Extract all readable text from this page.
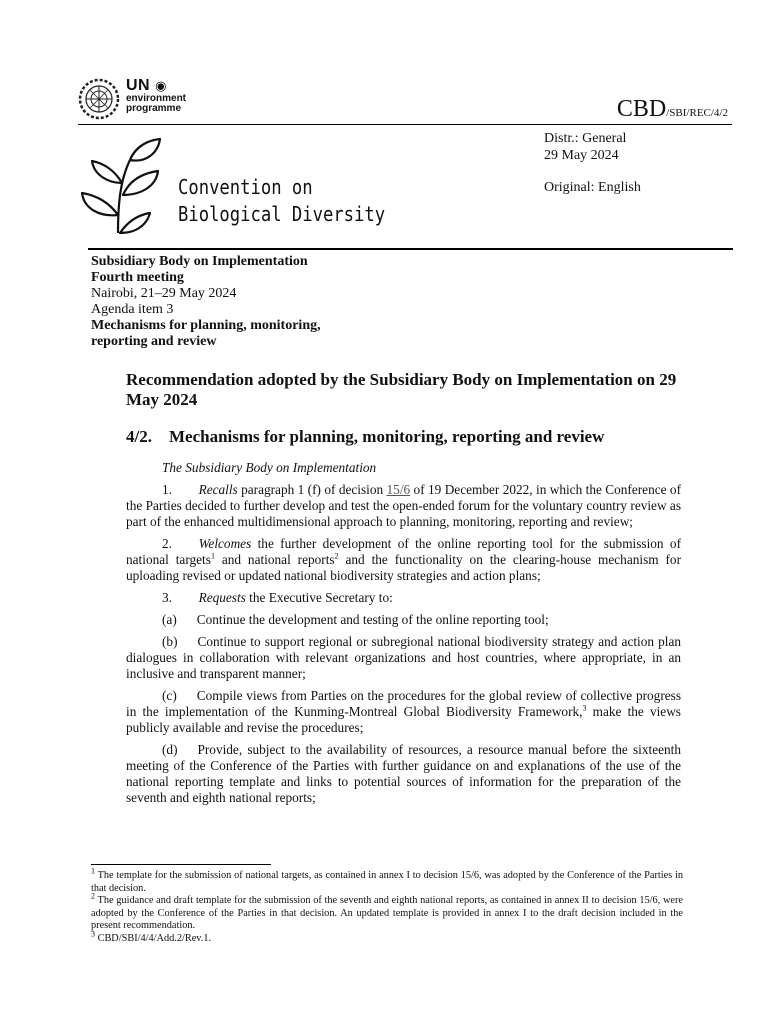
UN ◉
environment
programme	CBD/SBI/REC/4/2
Convention on
Biological Diversity
Distr.: General
29 May 2024
Original: English
Subsidiary Body on Implementation
Fourth meeting
Nairobi, 21–29 May 2024
Agenda item 3
Mechanisms for planning, monitoring,
reporting and review
Recommendation adopted by the Subsidiary Body on Implementation on 29 May 2024
4/2. Mechanisms for planning, monitoring, reporting and review

The Subsidiary Body on Implementation

1.   Recalls paragraph 1 (f) of decision 15/6 of 19 December 2022, in which the Conference of the Parties decided to further develop and test the open-ended forum for the voluntary country review as part of the enhanced multidimensional approach to planning, monitoring, reporting and review;

2.   Welcomes the further development of the online reporting tool for the submission of national targets$^1$ and national reports$^2$ and the functionality on the clearing-house mechanism for uploading revised or updated national biodiversity strategies and action plans;

3.   Requests the Executive Secretary to:

(a)   Continue the development and testing of the online reporting tool;

(b)   Continue to support regional or subregional national biodiversity strategy and action plan dialogues in collaboration with relevant organizations and host countries, where appropriate, in an inclusive and transparent manner;

(c)   Compile views from Parties on the procedures for the global review of collective progress in the implementation of the Kunming-Montreal Global Biodiversity Framework,$^3$ make the views publicly available and revise the procedures;

(d)   Provide, subject to the availability of resources, a resource manual before the sixteenth meeting of the Conference of the Parties with further guidance on and explanations of the use of the national reporting template and links to potential sources of information for the preparation of the seventh and eighth national reports;

$^1$ The template for the submission of national targets, as contained in annex I to decision 15/6, was adopted by the Conference of the Parties in that decision.

$^2$ The guidance and draft template for the submission of the seventh and eighth national reports, as contained in annex II to decision 15/6, were adopted by the Conference of the Parties in that decision. An updated template is provided in annex I to the draft decision included in the present recommendation.

$^3$ CBD/SBI/4/4/Add.2/Rev.1.
